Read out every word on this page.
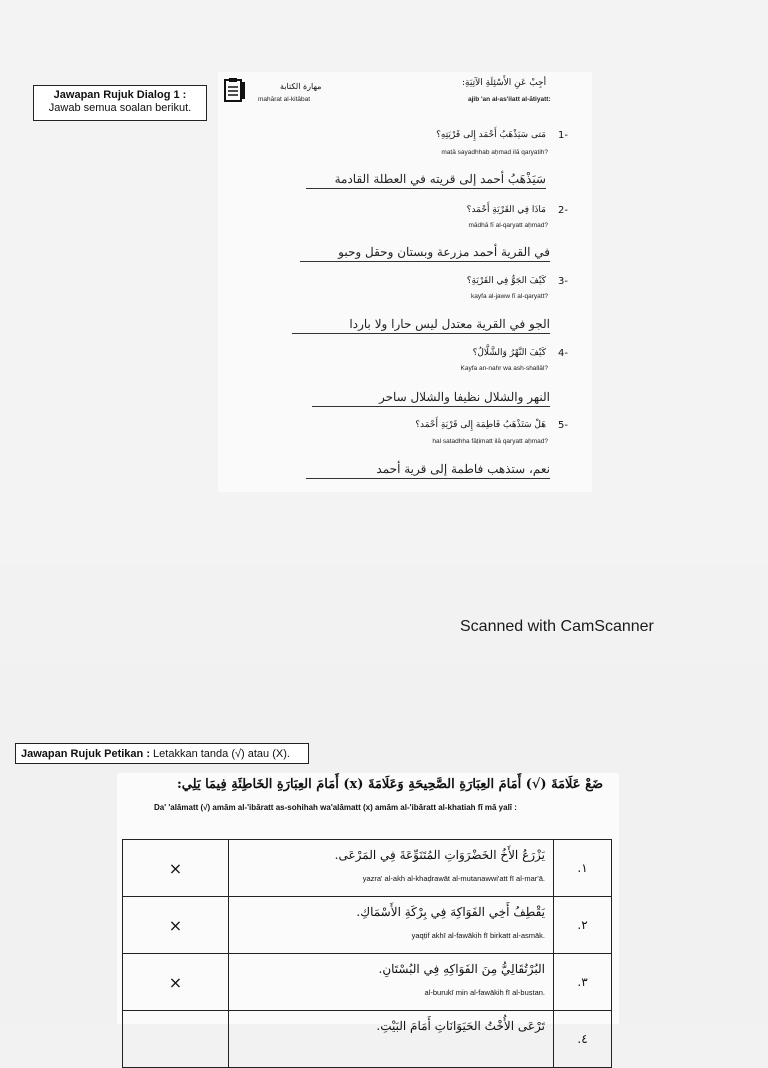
Jawapan Rujuk Dialog 1 :
Jawab semua soalan berikut.
مهارة الكتابة
mahārat al-kitābat
أجِبْ عَنِ الأَسْئِلَةِ الآتِيَةِ:
ajib 'an al-as'ilatt al-ātiyatt:
1-
مَتى سَيَذْهَبُ أَحْمَد إِلى قَرْيَتِهِ؟
matā sayadhhab aḥmad ilā qaryatih?
سَيَذْهَبُ أحمد إلى قريته في العطلة القادمة
2-
مَاذَا فِي القَرْيَةِ أَحْمَد؟
mādhā fī al-qaryatt aḥmad?
في القرية أحمد مزرعة وبستان وحقل وحبو
3-
كَيْفَ الجَوُّ فِي القَرْيَةِ؟
kayfa al-jaww fī al-qaryatt?
الجو في القرية معتدل ليس حارا ولا باردا
4-
كَيْفَ النَّهْرُ وَالشَّلَّالُ؟
Kayfa an-nahr wa ash-shallāl?
النهر والشلال نظيفا والشلال ساحر
5-
هَلْ سَتَذْهَبُ فَاطِمَة إِلى قَرْيَةِ أَحْمَد؟
hal satadhha fāṭimatt ilā qaryatt aḥmad?
نعم، ستذهب فاطمة إلى قرية أحمد
Scanned with CamScanner
Jawapan Rujuk Petikan : Letakkan tanda (√) atau (X).
ضَعْ عَلَامَةَ (√) أَمَامَ العِبَارَةِ الصَّحِيحَةِ وَعَلَامَةَ (x) أَمَامَ العِبَارَةِ الخَاطِئَةِ فِيمَا يَلِي:
Da' 'alāmatt (√) amām al-'ibāratt as-sohihah wa'alāmatt (x) amām al-'ibāratt al-khatiah fī mā yalī :
×	يَزْرَعُ الأَخُ الخَضْرَوَاتِ المُتَنَوِّعَةَ فِي المَرْعَى.
yazra' al-akh al-khaḍrawāt al-mutanawwi'att fī al-mar'ā.	.١
×	يَقْطِفُ أَخِي الفَوَاكِهَ فِي بِرْكَةِ الأَسْمَاكِ.
yaqṭif akhī al-fawākih fī birkatt al-asmāk.	.٢
×	البُرْتُقَالِيُّ مِنَ الفَوَاكِهِ فِي البُسْتَانِ.
al-burukī min al-fawākih fī al-bustan.	.٣

	تَرْعَى الأُخْتُ الحَيَوَانَاتِ أَمَامَ البَيْتِ.	.٤
